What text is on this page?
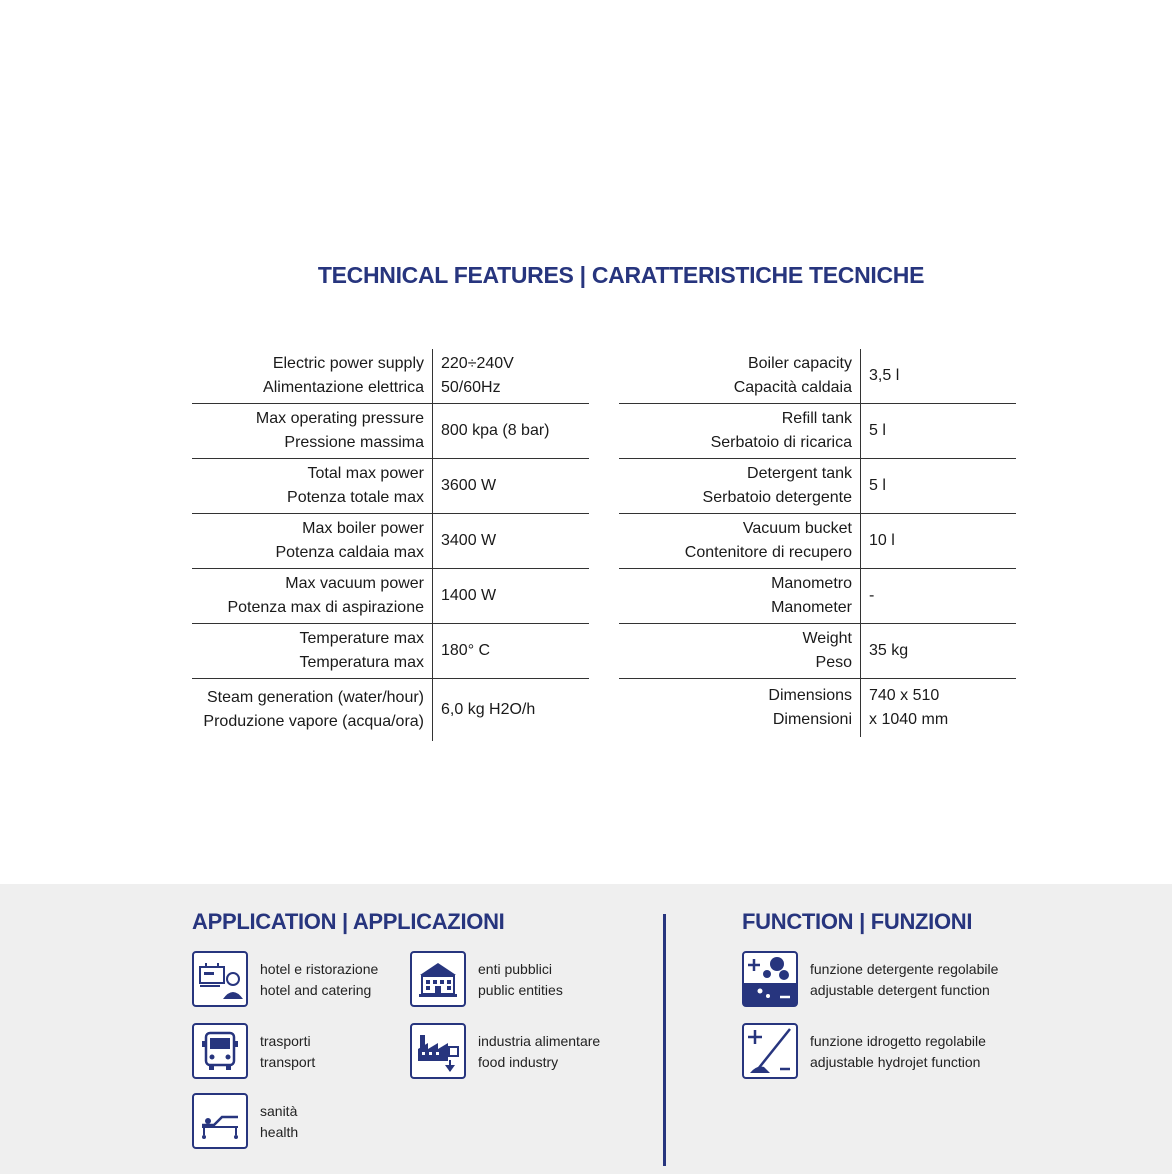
TECHNICAL FEATURES | CARATTERISTICHE TECNICHE
Electric power supply
Alimentazione elettrica
220÷240V
50/60Hz
Max operating pressure
Pressione massima
800 kpa (8 bar)
Total max power
Potenza totale max
3600 W
Max boiler power
Potenza caldaia max
3400 W
Max vacuum power
Potenza max di aspirazione
1400 W
Temperature max
Temperatura max
180° C
Steam generation (water/hour)
Produzione vapore (acqua/ora)
6,0 kg H2O/h
Boiler capacity
Capacità caldaia
3,5 l
Refill tank
Serbatoio di ricarica
5 l
Detergent tank
Serbatoio detergente
5 l
Vacuum bucket
Contenitore di recupero
10 l
Manometro
Manometer
-
Weight
Peso
35 kg
Dimensions
Dimensioni
740 x 510
x 1040 mm
APPLICATION | APPLICAZIONI	FUNCTION | FUNZIONI
hotel e ristorazione
hotel and catering
enti pubblici
public entities
trasporti
transport
industria alimentare
food industry
sanità
health
funzione detergente regolabile
adjustable detergent function
funzione idrogetto regolabile
adjustable hydrojet function
